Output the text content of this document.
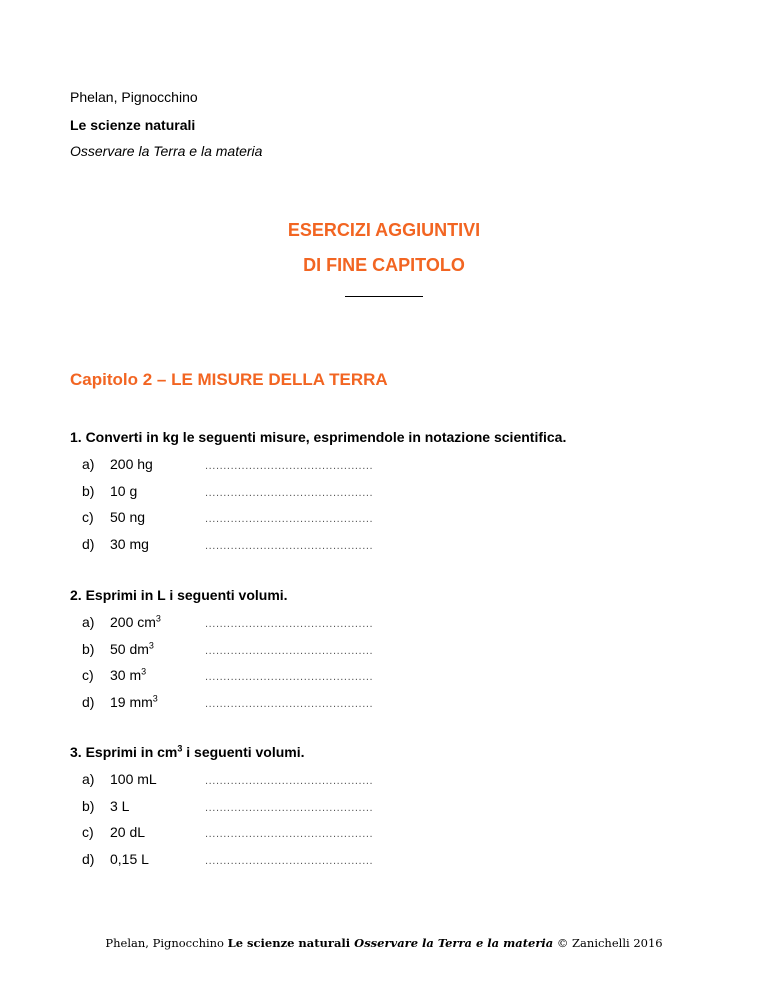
Phelan, Pignocchino
Le scienze naturali
Osservare la Terra e la materia
ESERCIZI AGGIUNTIVI
DI FINE CAPITOLO
Capitolo 2 – LE MISURE DELLA TERRA
1. Converti in kg le seguenti misure, esprimendole in notazione scientifica.
a) 200 hg	..............................................
b) 10 g	..............................................
c) 50 ng	..............................................
d) 30 mg	..............................................
2. Esprimi in L i seguenti volumi.
a) 200 $cm^3$	..............................................
b) 50 $dm^3$	..............................................
c) 30 $m^3$	..............................................
d) 19 $mm^3$	..............................................
3. Esprimi in $cm^3$ i seguenti volumi.
a) 100 mL	..............................................
b) 3 L	..............................................
c) 20 dL	..............................................
d) 0,15 L	..............................................
Phelan, Pignocchino Le scienze naturali Osservare la Terra e la materia © Zanichelli 2016
